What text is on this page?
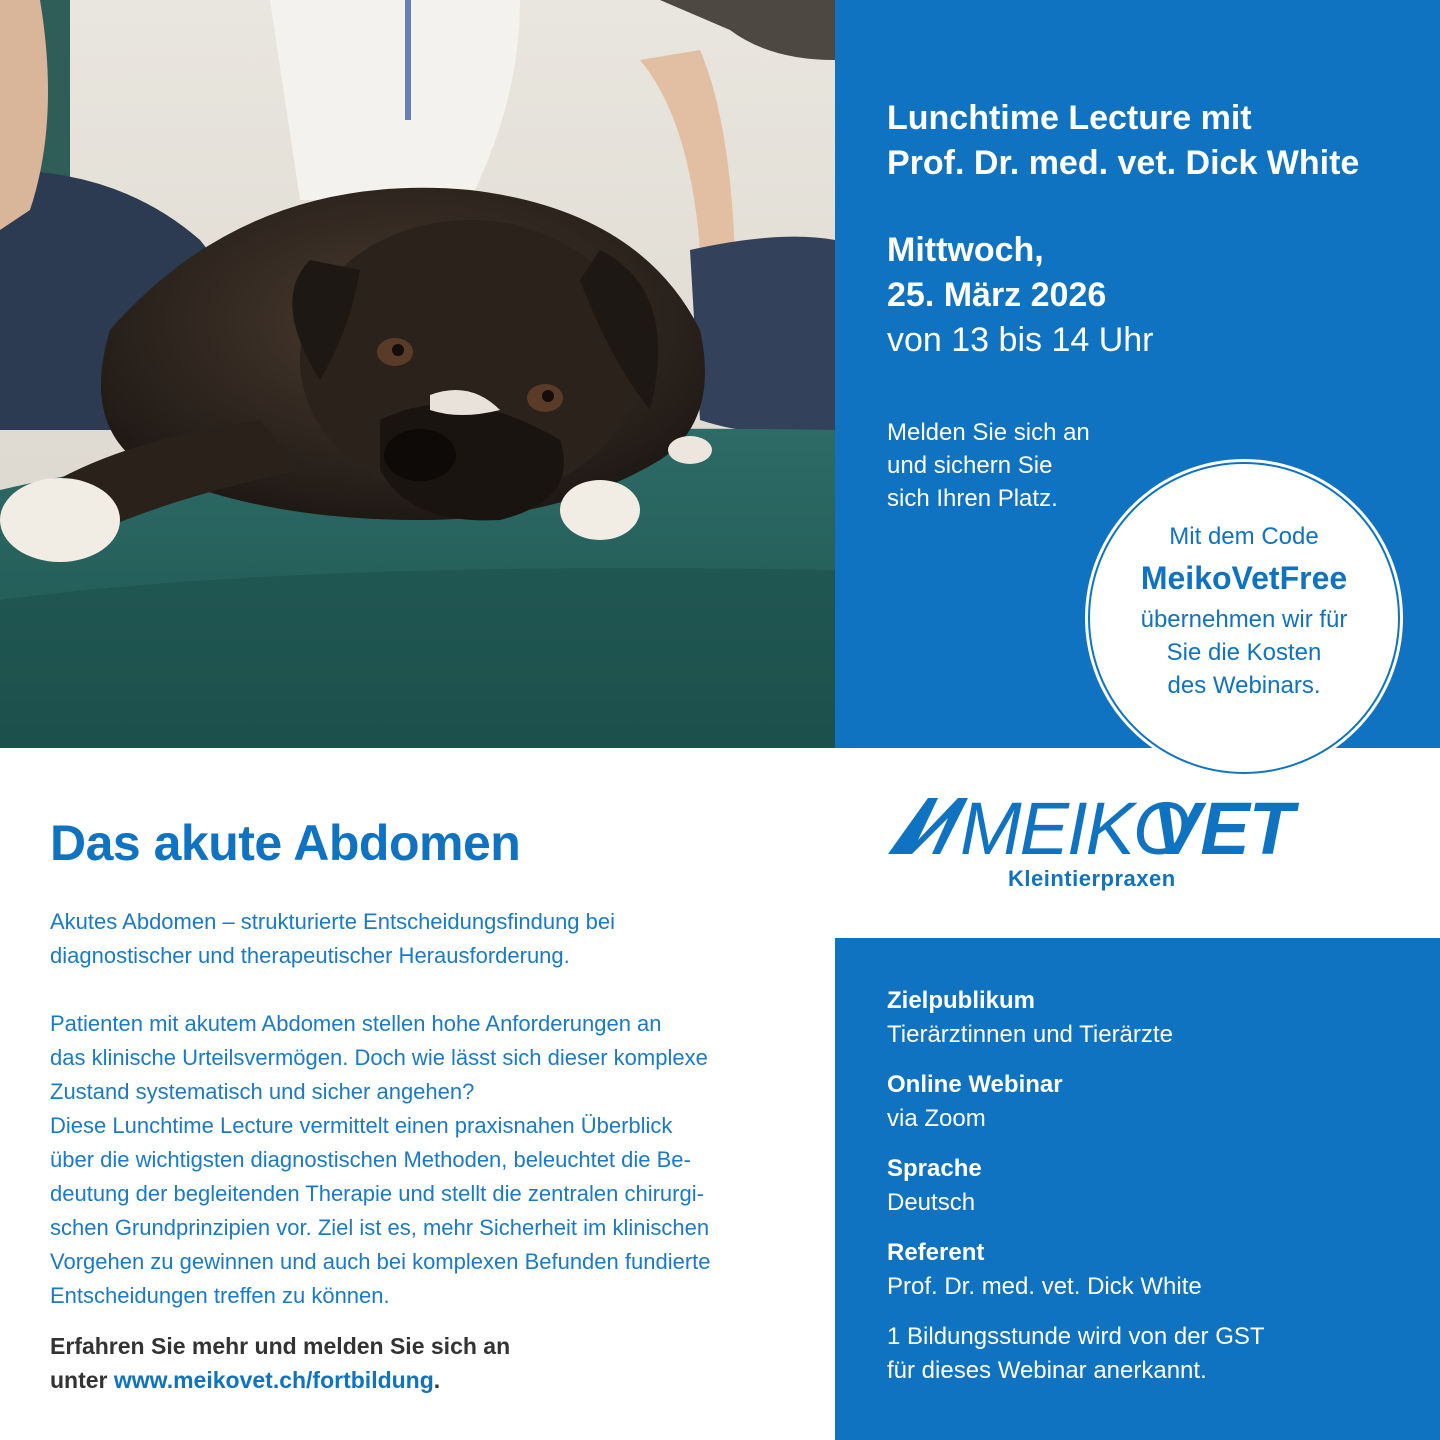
Lunchtime Lecture mit
Prof. Dr. med. vet. Dick White
Mittwoch,
25. März 2026
von 13 bis 14 Uhr
Melden Sie sich an
und sichern Sie
sich Ihren Platz.
Mit dem Code
MeikoVetFree
übernehmen wir für
Sie die Kosten
des Webinars.
MEIKO
VET
Kleintierpraxen
Das akute Abdomen
Akutes Abdomen – strukturierte Entscheidungsfindung bei
diagnostischer und therapeutischer Herausforderung.
Patienten mit akutem Abdomen stellen hohe Anforderungen an
das klinische Urteilsvermögen. Doch wie lässt sich dieser komplexe
Zustand systematisch und sicher angehen?
Diese Lunchtime Lecture vermittelt einen praxisnahen Überblick
über die wichtigsten diagnostischen Methoden, beleuchtet die Be-
deutung der begleitenden Therapie und stellt die zentralen chirurgi-
schen Grundprinzipien vor. Ziel ist es, mehr Sicherheit im klinischen
Vorgehen zu gewinnen und auch bei komplexen Befunden fundierte
Entscheidungen treffen zu können.
Erfahren Sie mehr und melden Sie sich an
unter www.meikovet.ch/fortbildung.
Zielpublikum
Tierärztinnen und Tierärzte
Online Webinar
via Zoom
Sprache
Deutsch
Referent
Prof. Dr. med. vet. Dick White
1 Bildungsstunde wird von der GST
für dieses Webinar anerkannt.
